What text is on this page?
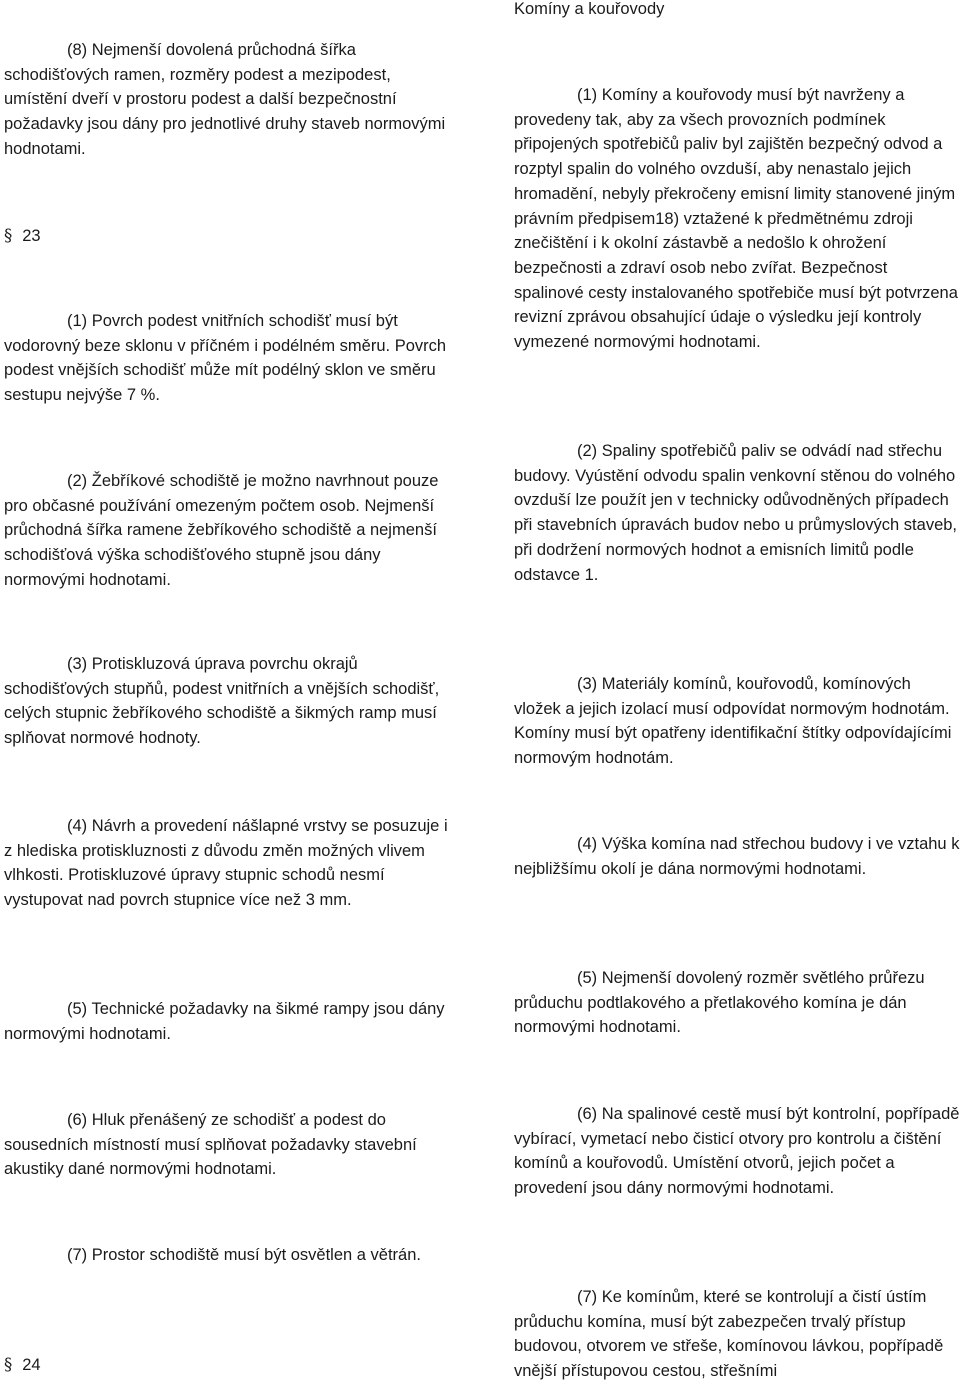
Komíny a kouřovody

(8) Nejmenší dovolená průchodná šířka schodišťových ramen, rozměry podest a mezipodest, umístění dveří v prostoru podest a další bezpečnostní požadavky jsou dány pro jednotlivé druhy staveb normovými hodnotami.

§ 23

(1) Povrch podest vnitřních schodišť musí být vodorovný beze sklonu v příčném i podélném směru. Povrch podest vnějších schodišť může mít podélný sklon ve směru sestupu nejvýše 7 %.

(2) Žebříkové schodiště je možno navrhnout pouze pro občasné používání omezeným počtem osob. Nejmenší průchodná šířka ramene žebříkového schodiště a nejmenší schodišťová výška schodišťového stupně jsou dány normovými hodnotami.

(3) Protiskluzová úprava povrchu okrajů schodišťových stupňů, podest vnitřních a vnějších schodišť, celých stupnic žebříkového schodiště a šikmých ramp musí splňovat normové hodnoty.

(4) Návrh a provedení nášlapné vrstvy se posuzuje i z hlediska protiskluznosti z důvodu změn možných vlivem vlhkosti. Protiskluzové úpravy stupnic schodů nesmí vystupovat nad povrch stupnice více než 3 mm.

(5) Technické požadavky na šikmé rampy jsou dány normovými hodnotami.

(6) Hluk přenášený ze schodišť a podest do sousedních místností musí splňovat požadavky stavební akustiky dané normovými hodnotami.

(7) Prostor schodiště musí být osvětlen a větrán.

§ 24

(1) Komíny a kouřovody musí být navrženy a provedeny tak, aby za všech provozních podmínek připojených spotřebičů paliv byl zajištěn bezpečný odvod a rozptyl spalin do volného ovzduší, aby nenastalo jejich hromadění, nebyly překročeny emisní limity stanovené jiným právním předpisem18) vztažené k předmětnému zdroji znečištění i k okolní zástavbě a nedošlo k ohrožení bezpečnosti a zdraví osob nebo zvířat. Bezpečnost spalinové cesty instalovaného spotřebiče musí být potvrzena revizní zprávou obsahující údaje o výsledku její kontroly vymezené normovými hodnotami.

(2) Spaliny spotřebičů paliv se odvádí nad střechu budovy. Vyústění odvodu spalin venkovní stěnou do volného ovzduší lze použít jen v technicky odůvodněných případech při stavebních úpravách budov nebo u průmyslových staveb, při dodržení normových hodnot a emisních limitů podle odstavce 1.

(3) Materiály komínů, kouřovodů, komínových vložek a jejich izolací musí odpovídat normovým hodnotám. Komíny musí být opatřeny identifikační štítky odpovídajícími normovým hodnotám.

(4) Výška komína nad střechou budovy i ve vztahu k nejbližšímu okolí je dána normovými hodnotami.

(5) Nejmenší dovolený rozměr světlého průřezu průduchu podtlakového a přetlakového komína je dán normovými hodnotami.

(6) Na spalinové cestě musí být kontrolní, popřípadě vybírací, vymetací nebo čisticí otvory pro kontrolu a čištění komínů a kouřovodů. Umístění otvorů, jejich počet a provedení jsou dány normovými hodnotami.

(7) Ke komínům, které se kontrolují a čistí ústím průduchu komína, musí být zabezpečen trvalý přístup budovou, otvorem ve střeše, komínovou lávkou, popřípadě vnější přístupovou cestou, střešními
